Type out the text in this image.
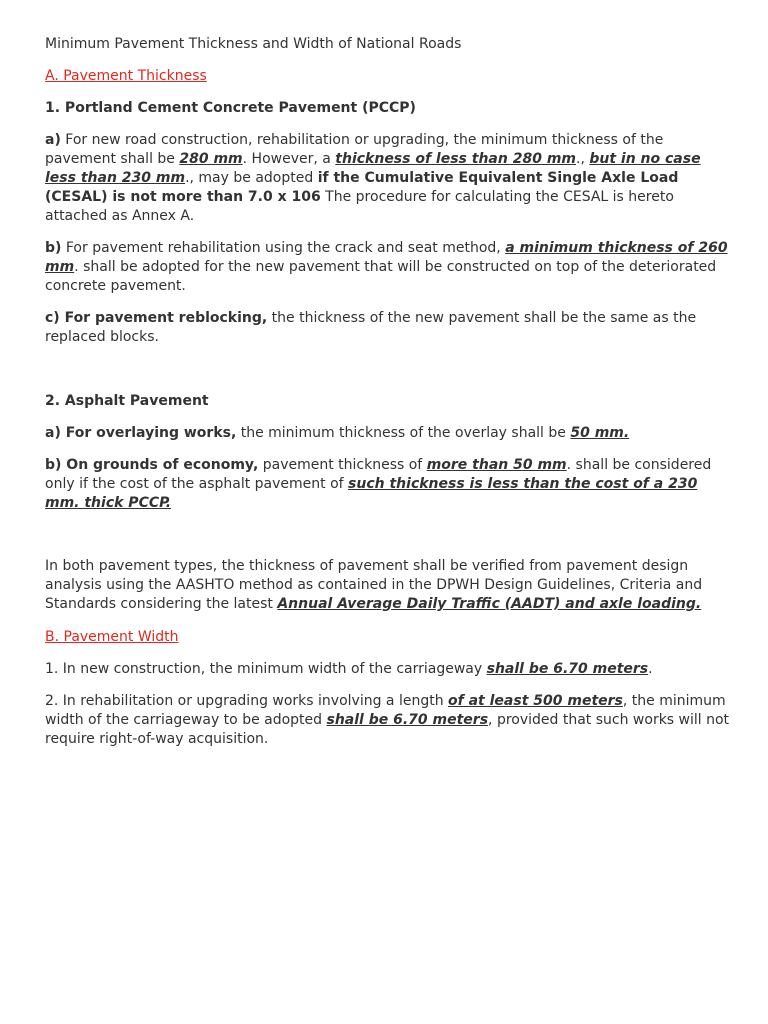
Minimum Pavement Thickness and Width of National Roads
A. Pavement Thickness
1. Portland Cement Concrete Pavement (PCCP)
a) For new road construction, rehabilitation or upgrading, the minimum thickness of the
pavement shall be 280 mm. However, a thickness of less than 280 mm., but in no case
less than 230 mm., may be adopted if the Cumulative Equivalent Single Axle Load
(CESAL) is not more than 7.0 x 106 The procedure for calculating the CESAL is hereto
attached as Annex A.
b) For pavement rehabilitation using the crack and seat method, a minimum thickness of 260
mm. shall be adopted for the new pavement that will be constructed on top of the deteriorated
concrete pavement.
c) For pavement reblocking, the thickness of the new pavement shall be the same as the
replaced blocks.
2. Asphalt Pavement
a) For overlaying works, the minimum thickness of the overlay shall be 50 mm.
b) On grounds of economy, pavement thickness of more than 50 mm. shall be considered
only if the cost of the asphalt pavement of such thickness is less than the cost of a 230
mm. thick PCCP.
In both pavement types, the thickness of pavement shall be verified from pavement design
analysis using the AASHTO method as contained in the DPWH Design Guidelines, Criteria and
Standards considering the latest Annual Average Daily Traffic (AADT) and axle loading.
B. Pavement Width
1. In new construction, the minimum width of the carriageway shall be 6.70 meters.
2. In rehabilitation or upgrading works involving a length of at least 500 meters, the minimum
width of the carriageway to be adopted shall be 6.70 meters, provided that such works will not
require right-of-way acquisition.
